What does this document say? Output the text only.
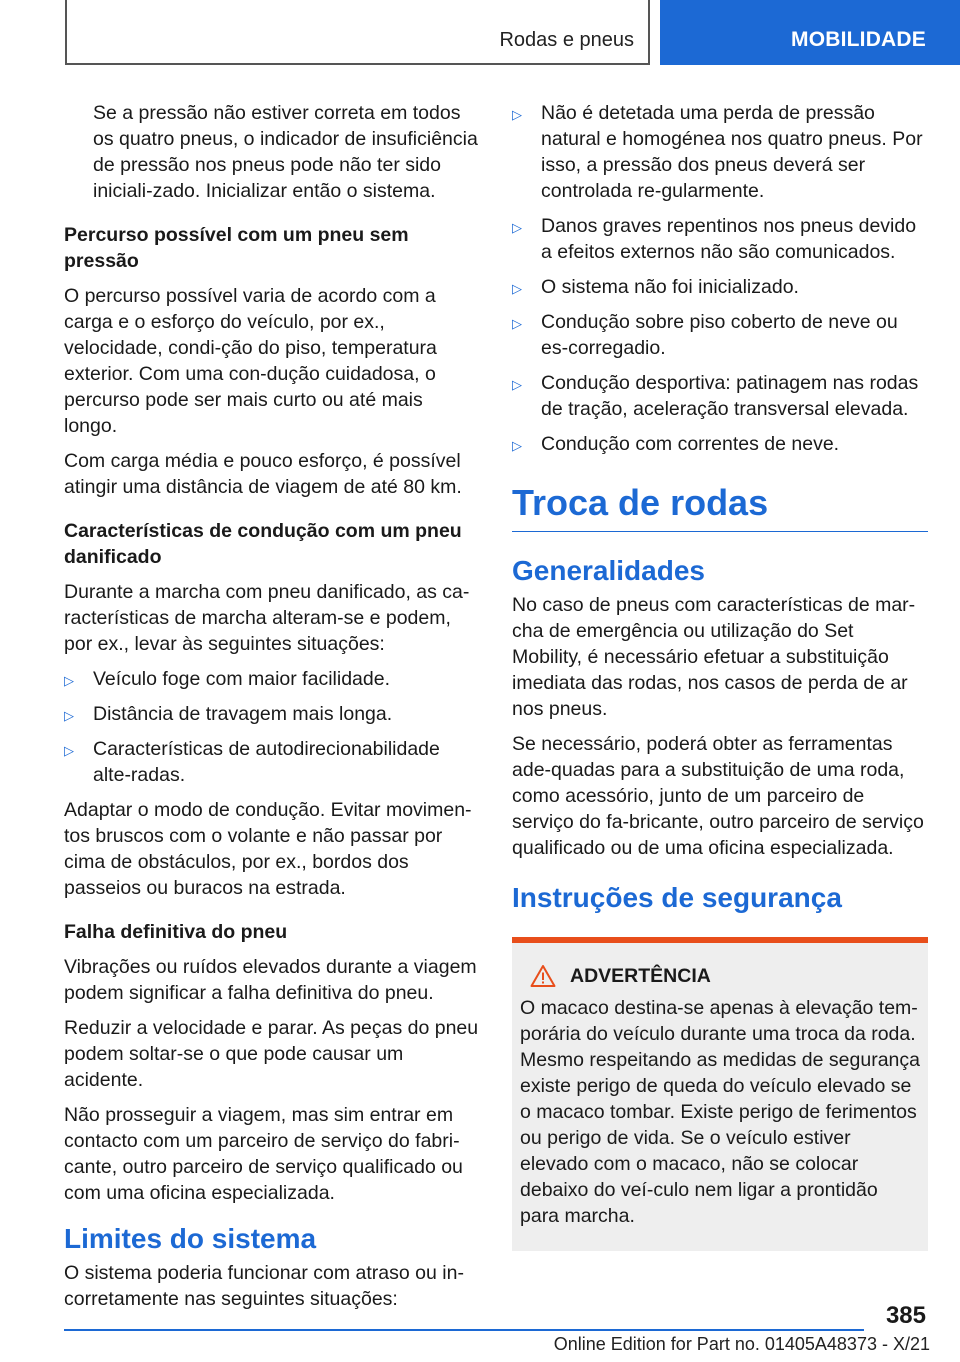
Rodas e pneus	MOBILIDADE

Se a pressão não estiver correta em todos os quatro pneus, o indicador de insuficiência de pressão nos pneus pode não ter sido iniciali-zado. Inicializar então o sistema.

Percurso possível com um pneu sem pressão

O percurso possível varia de acordo com a carga e o esforço do veículo, por ex., velocidade, condi-ção do piso, temperatura exterior. Com uma con-dução cuidadosa, o percurso pode ser mais curto ou até mais longo.

Com carga média e pouco esforço, é possível atingir uma distância de viagem de até 80 km.

Características de condução com um pneu danificado

Durante a marcha com pneu danificado, as ca-racterísticas de marcha alteram-se e podem, por ex., levar às seguintes situações:

▷ Veículo foge com maior facilidade.
▷ Distância de travagem mais longa.
▷ Características de autodirecionabilidade alte-radas.

Adaptar o modo de condução. Evitar movimen-tos bruscos com o volante e não passar por cima de obstáculos, por ex., bordos dos passeios ou buracos na estrada.

Falha definitiva do pneu

Vibrações ou ruídos elevados durante a viagem podem significar a falha definitiva do pneu.

Reduzir a velocidade e parar. As peças do pneu podem soltar-se o que pode causar um acidente.

Não prosseguir a viagem, mas sim entrar em contacto com um parceiro de serviço do fabri-cante, outro parceiro de serviço qualificado ou com uma oficina especializada.

Limites do sistema

O sistema poderia funcionar com atraso ou in-corretamente nas seguintes situações:

▷ Não é detetada uma perda de pressão natural e homogénea nos quatro pneus. Por isso, a pressão dos pneus deverá ser controlada re-gularmente.
▷ Danos graves repentinos nos pneus devido a efeitos externos não são comunicados.
▷ O sistema não foi inicializado.
▷ Condução sobre piso coberto de neve ou es-corregadio.
▷ Condução desportiva: patinagem nas rodas de tração, aceleração transversal elevada.
▷ Condução com correntes de neve.
Troca de rodas
Generalidades

No caso de pneus com características de mar-cha de emergência ou utilização do Set Mobility, é necessário efetuar a substituição imediata das rodas, nos casos de perda de ar nos pneus.

Se necessário, poderá obter as ferramentas ade-quadas para a substituição de uma roda, como acessório, junto de um parceiro de serviço do fa-bricante, outro parceiro de serviço qualificado ou de uma oficina especializada.

Instruções de segurança
ADVERTÊNCIA

O macaco destina-se apenas à elevação tem-porária do veículo durante uma troca da roda. Mesmo respeitando as medidas de segurança existe perigo de queda do veículo elevado se o macaco tombar. Existe perigo de ferimentos ou perigo de vida. Se o veículo estiver elevado com o macaco, não se colocar debaixo do veí-culo nem ligar a prontidão para marcha.

385
Online Edition for Part no. 01405A48373 - X/21
